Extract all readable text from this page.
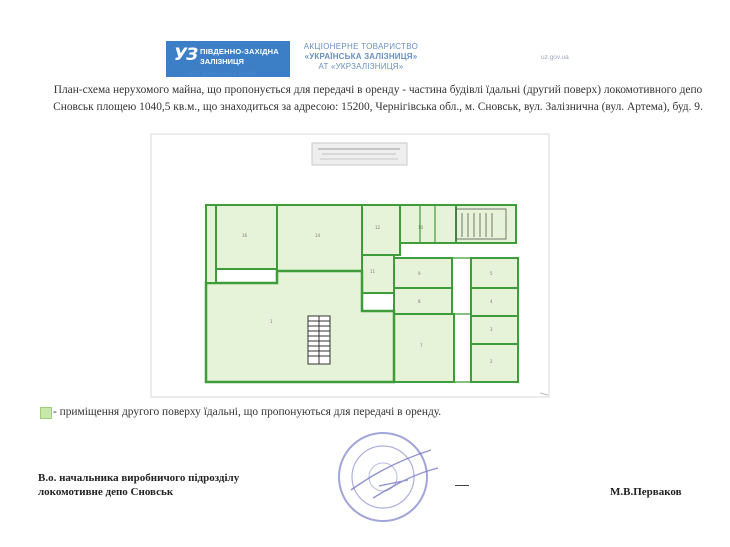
УЗ ПІВДЕННО-ЗАХІДНА
ЗАЛІЗНИЦЯ
РЕГІОНАЛЬНА ФІЛІЯ
АКЦІОНЕРНЕ ТОВАРИСТВО
«УКРАЇНСЬКА ЗАЛІЗНИЦЯ»
АТ «УКРЗАЛІЗНИЦЯ»
uz.gov.ua
План-схема нерухомого майна, що пропонується для передачі в оренду - частина будівлі їдальні (другий поверх) локомотивного депо Сновськ площею 1040,5 кв.м., що знаходиться за адресою: 15200, Чернігівська обл., м. Сновськ, вул. Залізнична (вул. Артема), буд. 9.
16	14
12	10
11	9
8
7
5
4
3
2
1
- приміщення другого поверху їдальні, що пропонуються для передачі в оренду.
В.о. начальника виробничого підрозділу
локомотивне депо Сновськ	М.В.Перваков
